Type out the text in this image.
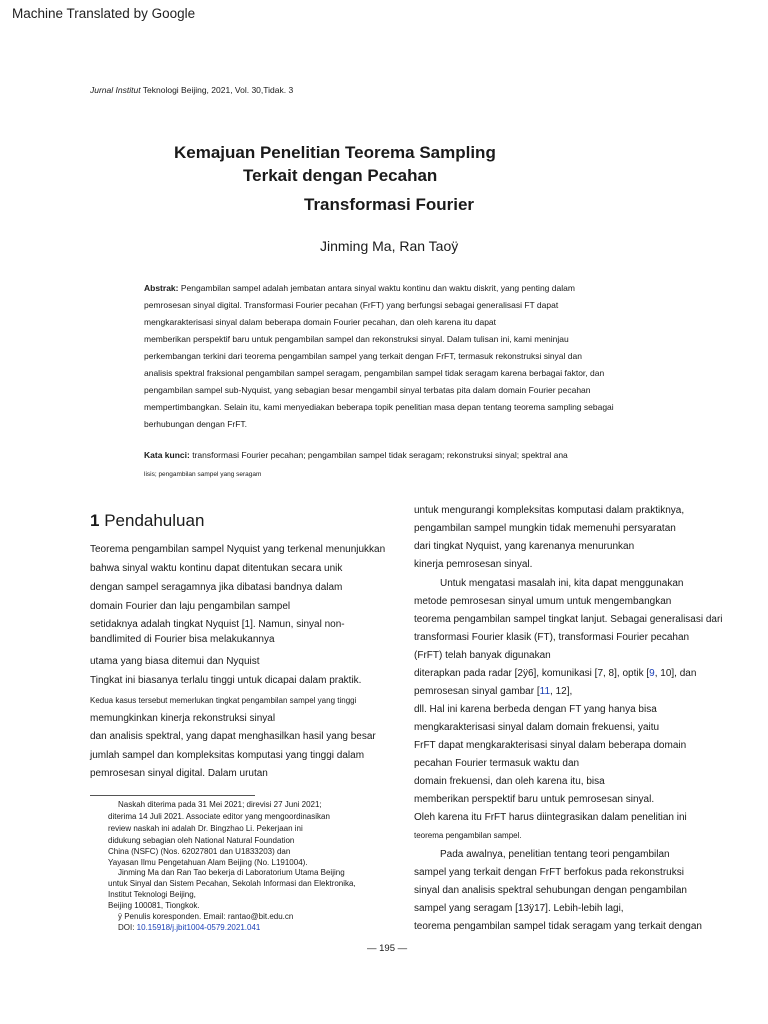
Machine Translated by Google
Jurnal Institut Teknologi Beijing, 2021, Vol. 30,Tidak. 3
Kemajuan Penelitian Teorema Sampling
Terkait dengan Pecahan
Transformasi Fourier
Jinming Ma, Ran Taoÿ
Abstrak: Pengambilan sampel adalah jembatan antara sinyal waktu kontinu dan waktu diskrit, yang penting dalam
pemrosesan sinyal digital. Transformasi Fourier pecahan (FrFT) yang berfungsi sebagai generalisasi FT dapat
mengkarakterisasi sinyal dalam beberapa domain Fourier pecahan, dan oleh karena itu dapat
memberikan perspektif baru untuk pengambilan sampel dan rekonstruksi sinyal. Dalam tulisan ini, kami meninjau
perkembangan terkini dari teorema pengambilan sampel yang terkait dengan FrFT, termasuk rekonstruksi sinyal dan
analisis spektral fraksional pengambilan sampel seragam, pengambilan sampel tidak seragam karena berbagai faktor, dan
pengambilan sampel sub-Nyquist, yang sebagian besar mengambil sinyal terbatas pita dalam domain Fourier pecahan
mempertimbangkan. Selain itu, kami menyediakan beberapa topik penelitian masa depan tentang teorema sampling sebagai
berhubungan dengan FrFT.
Kata kunci: transformasi Fourier pecahan; pengambilan sampel tidak seragam; rekonstruksi sinyal; spektral ana
lisis; pengambilan sampel yang seragam
1 Pendahuluan
Teorema pengambilan sampel Nyquist yang terkenal menunjukkan
bahwa sinyal waktu kontinu dapat ditentukan secara unik
dengan sampel seragamnya jika dibatasi bandnya dalam
domain Fourier dan laju pengambilan sampel
setidaknya adalah tingkat Nyquist [1]. Namun, sinyal non-
bandlimited di Fourier bisa melakukannya
utama yang biasa ditemui dan Nyquist
Tingkat ini biasanya terlalu tinggi untuk dicapai dalam praktik.
Kedua kasus tersebut memerlukan tingkat pengambilan sampel yang tinggi
memungkinkan kinerja rekonstruksi sinyal
dan analisis spektral, yang dapat menghasilkan hasil yang besar
jumlah sampel dan kompleksitas komputasi yang tinggi dalam
pemrosesan sinyal digital. Dalam urutan
Naskah diterima pada 31 Mei 2021; direvisi 27 Juni 2021;
diterima 14 Juli 2021. Associate editor yang mengoordinasikan
review naskah ini adalah Dr. Bingzhao Li. Pekerjaan ini
didukung sebagian oleh National Natural Foundation
China (NSFC) (Nos. 62027801 dan U1833203) dan
Yayasan Ilmu Pengetahuan Alam Beijing (No. L191004).
Jinming Ma dan Ran Tao bekerja di Laboratorium Utama Beijing
untuk Sinyal dan Sistem Pecahan, Sekolah Informasi dan Elektronika,
Institut Teknologi Beijing,
Beijing 100081, Tiongkok.
ÿ Penulis koresponden. Email: rantao@bit.edu.cn
DOI: 10.15918/j.jbit1004-0579.2021.041
untuk mengurangi kompleksitas komputasi dalam praktiknya,
pengambilan sampel mungkin tidak memenuhi persyaratan
dari tingkat Nyquist, yang karenanya menurunkan
kinerja pemrosesan sinyal.
Untuk mengatasi masalah ini, kita dapat menggunakan
metode pemrosesan sinyal umum untuk mengembangkan
teorema pengambilan sampel tingkat lanjut. Sebagai generalisasi dari
transformasi Fourier klasik (FT), transformasi Fourier pecahan
(FrFT) telah banyak digunakan
diterapkan pada radar [2ÿ6], komunikasi [7, 8], optik [9, 10], dan
pemrosesan sinyal gambar [11, 12],
dll. Hal ini karena berbeda dengan FT yang hanya bisa
mengkarakterisasi sinyal dalam domain frekuensi, yaitu
FrFT dapat mengkarakterisasi sinyal dalam beberapa domain
pecahan Fourier termasuk waktu dan
domain frekuensi, dan oleh karena itu, bisa
memberikan perspektif baru untuk pemrosesan sinyal.
Oleh karena itu FrFT harus diintegrasikan dalam penelitian ini
teorema pengambilan sampel.
Pada awalnya, penelitian tentang teori pengambilan
sampel yang terkait dengan FrFT berfokus pada rekonstruksi
sinyal dan analisis spektral sehubungan dengan pengambilan
sampel yang seragam [13ÿ17]. Lebih-lebih lagi,
teorema pengambilan sampel tidak seragam yang terkait dengan
— 195 —
